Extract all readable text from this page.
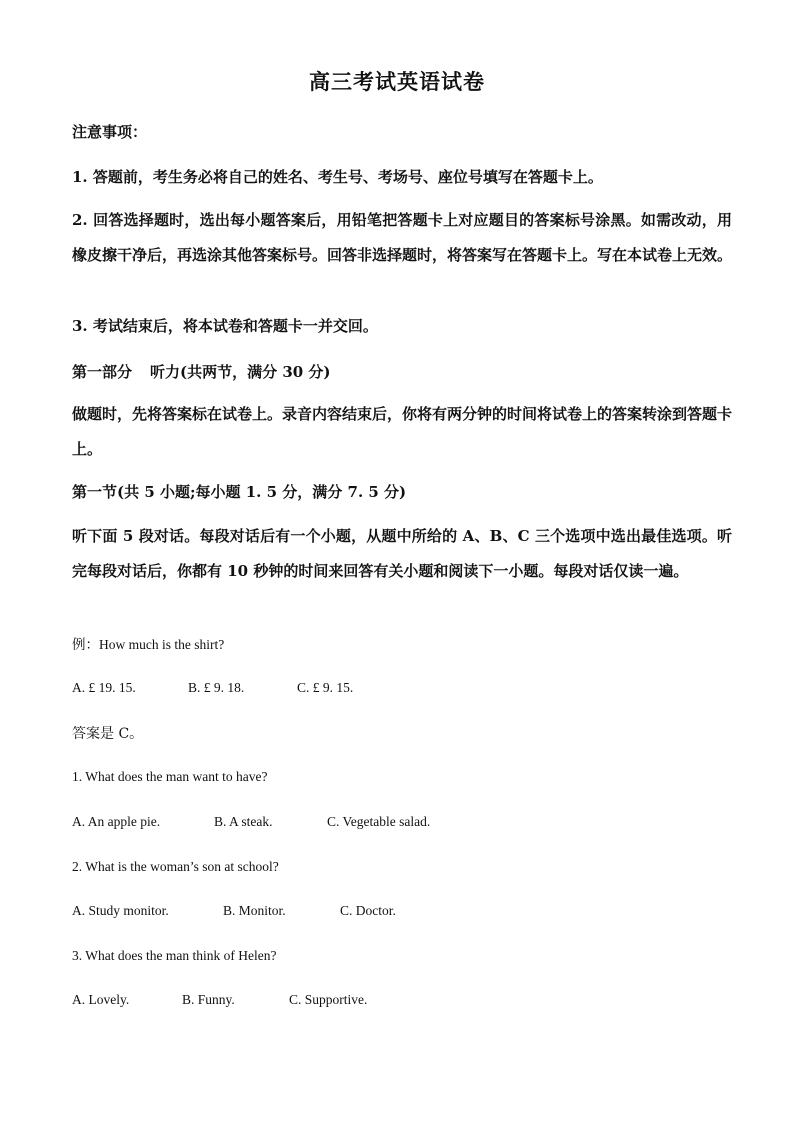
高三考试英语试卷
注意事项：
1. 答题前，考生务必将自己的姓名、考生号、考场号、座位号填写在答题卡上。
2. 回答选择题时，选出每小题答案后，用铅笔把答题卡上对应题目的答案标号涂黑。如需改动，用橡皮擦干净后，再选涂其他答案标号。回答非选择题时，将答案写在答题卡上。写在本试卷上无效。
3. 考试结束后，将本试卷和答题卡一并交回。
第一部分 听力(共两节，满分 30 分)
做题时，先将答案标在试卷上。录音内容结束后，你将有两分钟的时间将试卷上的答案转涂到答题卡上。
第一节(共 5 小题;每小题 1. 5 分，满分 7. 5 分)
听下面 5 段对话。每段对话后有一个小题，从题中所给的 A、B、C 三个选项中选出最佳选项。听完每段对话后，你都有 10 秒钟的时间来回答有关小题和阅读下一小题。每段对话仅读一遍。
例：How much is the shirt?
A. £ 19. 15.	B. £ 9. 18.	C. £ 9. 15.
答案是 C。
1. What does the man want to have?
A. An apple pie.	B. A steak.	C. Vegetable salad.
2. What is the woman’s son at school?
A. Study monitor.	B. Monitor.	C. Doctor.
3. What does the man think of Helen?
A. Lovely.	B. Funny.	C. Supportive.
